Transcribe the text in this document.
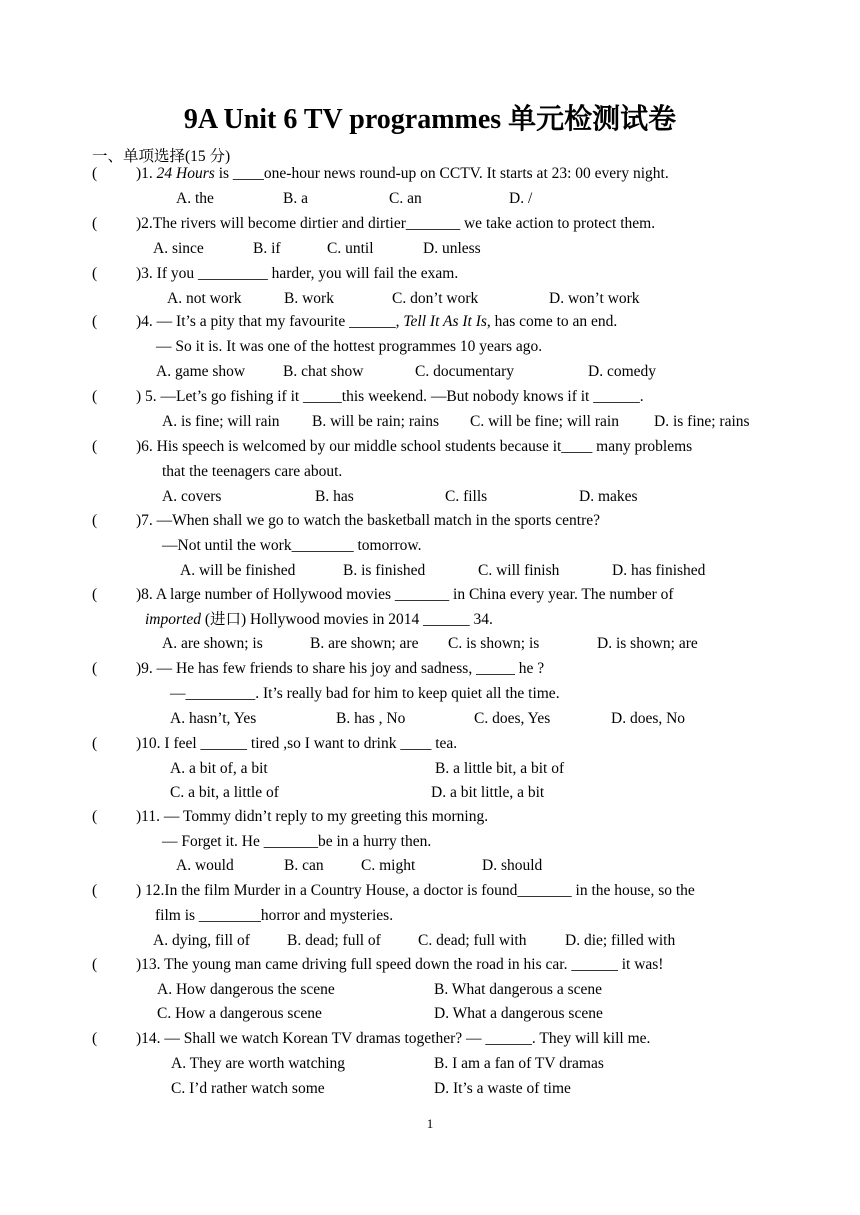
9A Unit 6 TV programmes 单元检测试卷
一、单项选择(15 分)
(	)1. 24 Hours is ____one-hour news round-up on CCTV. It starts at 23: 00 every night.
A. the	B. a	C. an	D. /
(	)2.The rivers will become dirtier and dirtier_______ we take action to protect them.
A. since	B. if	C. until	D. unless
(	)3. If you _________ harder, you will fail the exam.
A. not work	B. work	C. don’t work	D. won’t work
(	)4. — It’s a pity that my favourite ______, Tell It As It Is, has come to an end.
— So it is. It was one of the hottest programmes 10 years ago.
A. game show B. chat show	C. documentary	D. comedy
(	) 5. —Let’s go fishing if it _____this weekend. —But nobody knows if it ______.
A. is fine; will rain B. will be rain; rains C. will be fine; will rain D. is fine; rains
(	)6. His speech is welcomed by our middle school students because it____ many problems
that the teenagers care about.
A. covers	B. has	C. fills	D. makes
(	)7. —When shall we go to watch the basketball match in the sports centre?
—Not until the work________ tomorrow.
A. will be finished	B. is finished	C. will finish	D. has finished
(	)8. A large number of Hollywood movies _______ in China every year. The number of
imported (进口) Hollywood movies in 2014 ______ 34.
A. are shown; is	B. are shown; are C. is shown; is	D. is shown; are
(	)9. — He has few friends to share his joy and sadness, _____ he ?
—_________. It’s really bad for him to keep quiet all the time.
A. hasn’t, Yes	B. has , No	C. does, Yes	D. does, No
(	)10. I feel ______ tired ,so I want to drink ____ tea.
A. a bit of, a bit	B. a little bit, a bit of
C. a bit, a little of	D. a bit little, a bit
(	)11. — Tommy didn’t reply to my greeting this morning.
— Forget it. He _______be in a hurry then.
A. would	B. can C. might	D. should
(	) 12.In the film Murder in a Country House, a doctor is found_______ in the house, so the
film is ________horror and mysteries.
A. dying, fill of B. dead; full of C. dead; full with D. die; filled with
(	)13. The young man came driving full speed down the road in his car. ______ it was!
A. How dangerous the scene	B. What dangerous a scene
C. How a dangerous scene	D. What a dangerous scene
(	)14. — Shall we watch Korean TV dramas together? — ______. They will kill me.
A. They are worth watching	B. I am a fan of TV dramas
C. I’d rather watch some	D. It’s a waste of time
1
